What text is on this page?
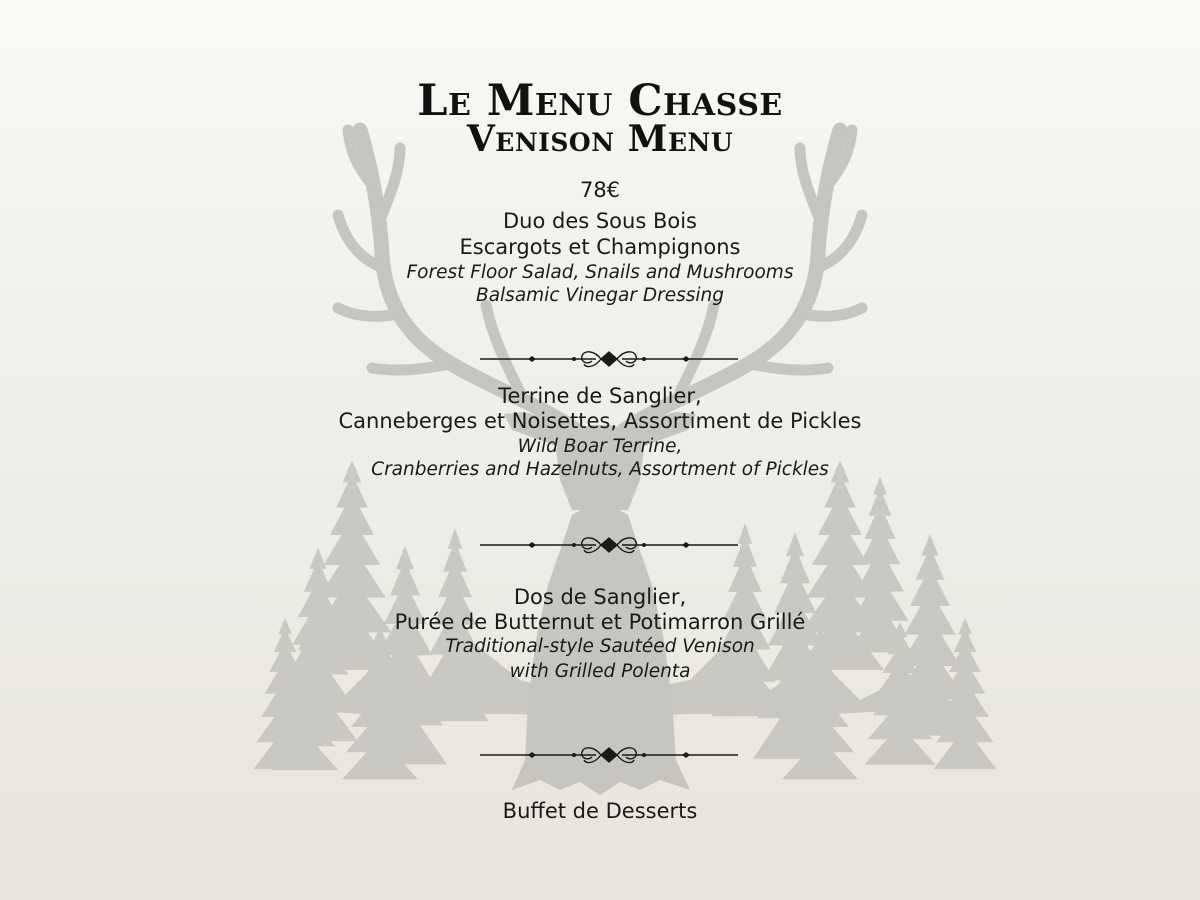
Le Menu Chasse
Venison Menu
78€
Duo des Sous Bois
Escargots et Champignons
Forest Floor Salad, Snails and Mushrooms
Balsamic Vinegar Dressing
Terrine de Sanglier,
Canneberges et Noisettes, Assortiment de Pickles
Wild Boar Terrine,
Cranberries and Hazelnuts, Assortment of Pickles
Dos de Sanglier,
Purée de Butternut et Potimarron Grillé
Traditional-style Sautéed Venison
with Grilled Polenta
Buffet de Desserts
